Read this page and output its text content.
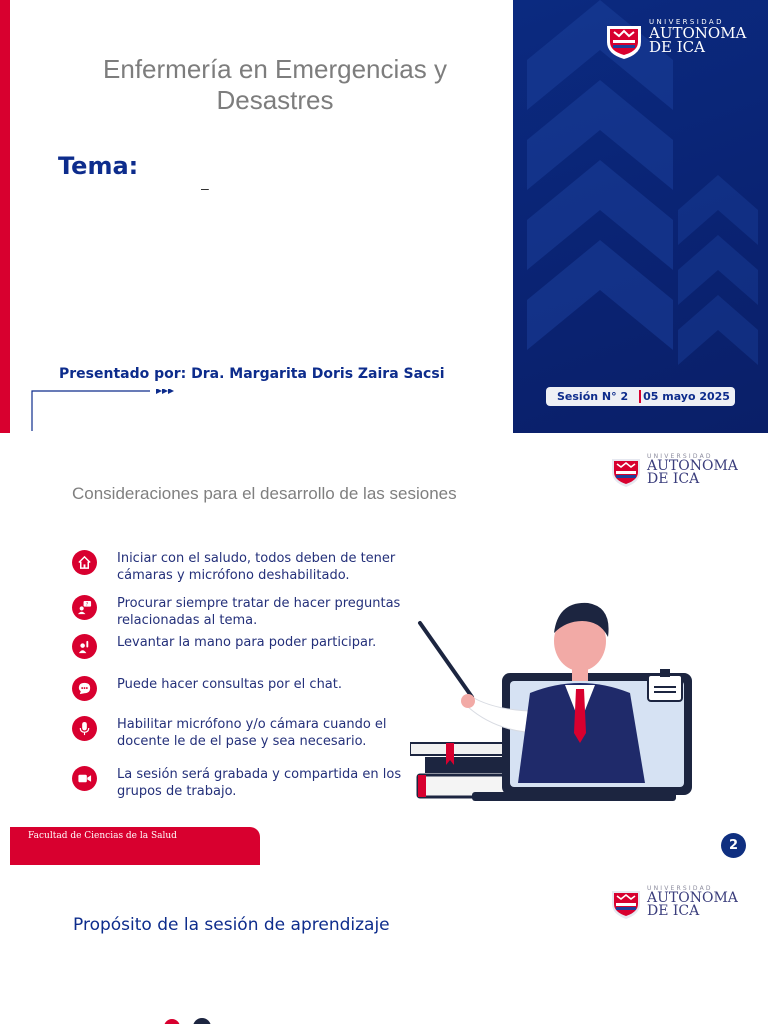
Enfermería en Emergencias y Desastres
Tema:
–
Presentado por: Dra. Margarita Doris Zaira Sacsi
UNIVERSIDAD
AUTONOMA
DE ICA
Sesión N° 2 05 mayo 2025
Consideraciones para el desarrollo de las sesiones
UNIVERSIDAD
AUTONOMA
DE ICA
Iniciar con el saludo, todos deben de tener cámaras y micrófono deshabilitado.
? Procurar siempre tratar de hacer preguntas relacionadas al tema.
Levantar la mano para poder participar.
Puede hacer consultas por el chat.
Habilitar micrófono y/o cámara cuando el docente le de el pase y sea necesario.
La sesión será grabada y compartida en los grupos de trabajo.
Facultad de Ciencias de la Salud
2
Propósito de la sesión de aprendizaje
UNIVERSIDAD
AUTONOMA
DE ICA
